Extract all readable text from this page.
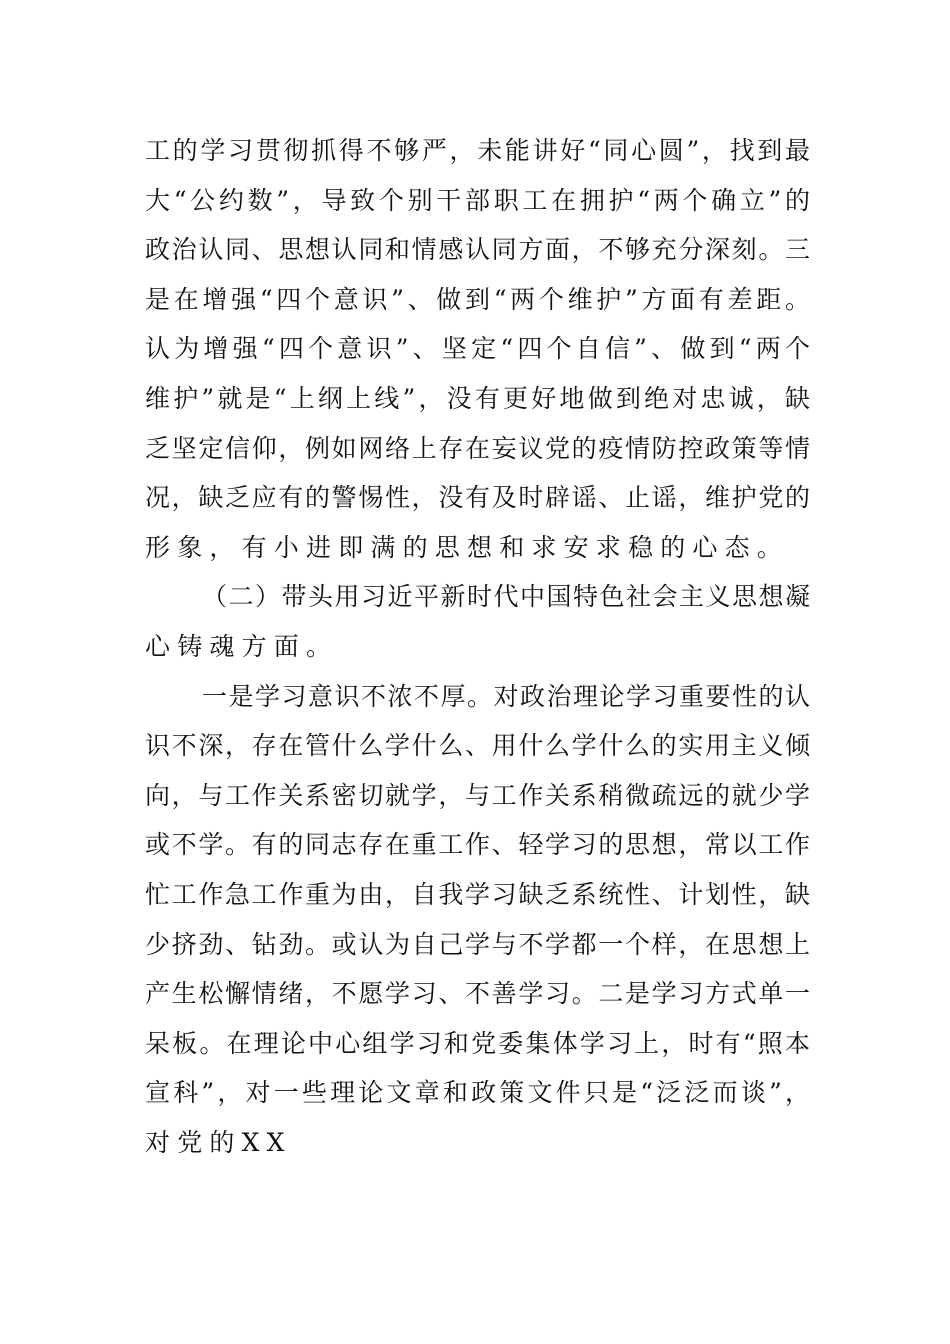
工的学习贯彻抓得不够严，未能讲好“同心圆”，找到最
大“公约数”，导致个别干部职工在拥护“两个确立”的
政治认同、思想认同和情感认同方面，不够充分深刻。三
是在增强“四个意识”、做到“两个维护”方面有差距。
认为增强“四个意识”、坚定“四个自信”、做到“两个
维护”就是“上纲上线”，没有更好地做到绝对忠诚，缺
乏坚定信仰，例如网络上存在妄议党的疫情防控政策等情
况，缺乏应有的警惕性，没有及时辟谣、止谣，维护党的
形象，有小进即满的思想和求安求稳的心态。
（二）带头用习近平新时代中国特色社会主义思想凝
心铸魂方面。
一是学习意识不浓不厚。对政治理论学习重要性的认
识不深，存在管什么学什么、用什么学什么的实用主义倾
向，与工作关系密切就学，与工作关系稍微疏远的就少学
或不学。有的同志存在重工作、轻学习的思想，常以工作
忙工作急工作重为由，自我学习缺乏系统性、计划性，缺
少挤劲、钻劲。或认为自己学与不学都一个样，在思想上
产生松懈情绪，不愿学习、不善学习。二是学习方式单一
呆板。在理论中心组学习和党委集体学习上，时有“照本
宣科”，对一些理论文章和政策文件只是“泛泛而谈”，
对党的XX
